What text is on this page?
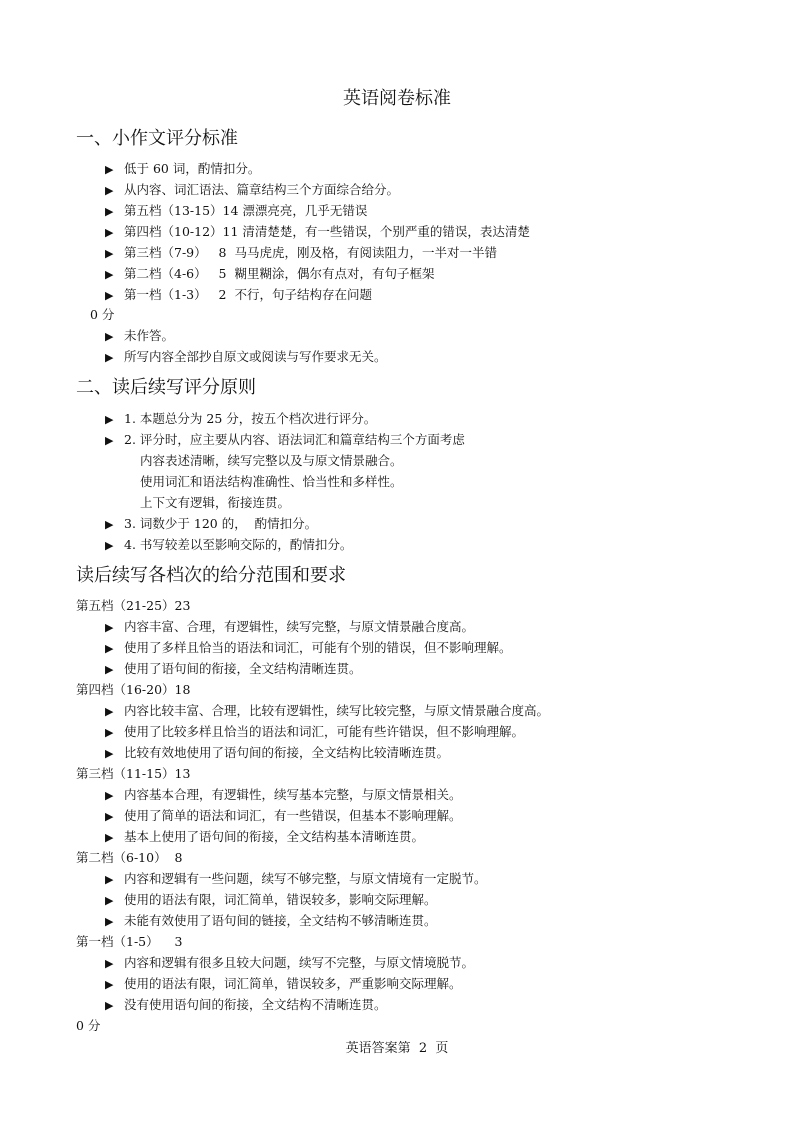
英语阅卷标准
一、小作文评分标准
▶ 低于 60 词，酌情扣分。
▶ 从内容、词汇语法、篇章结构三个方面综合给分。
▶ 第五档（13-15）14 漂漂亮亮，几乎无错误
▶ 第四档（10-12）11 清清楚楚，有一些错误，个别严重的错误，表达清楚
▶ 第三档（7-9）   8  马马虎虎，刚及格，有阅读阻力，一半对一半错
▶ 第二档（4-6）   5  糊里糊涂，偶尔有点对，有句子框架
▶ 第一档（1-3）   2  不行，句子结构存在问题
0 分
▶ 未作答。
▶ 所写内容全部抄自原文或阅读与写作要求无关。
二、读后续写评分原则
▶ 1. 本题总分为 25 分，按五个档次进行评分。
▶ 2. 评分时，应主要从内容、语法词汇和篇章结构三个方面考虑
内容表述清晰，续写完整以及与原文情景融合。
使用词汇和语法结构准确性、恰当性和多样性。
上下文有逻辑，衔接连贯。
▶ 3. 词数少于 120 的，  酌情扣分。
▶ 4. 书写较差以至影响交际的，酌情扣分。
读后续写各档次的给分范围和要求
第五档（21-25）23
▶ 内容丰富、合理，有逻辑性，续写完整，与原文情景融合度高。
▶ 使用了多样且恰当的语法和词汇，可能有个别的错误，但不影响理解。
▶ 使用了语句间的衔接，全文结构清晰连贯。
第四档（16-20）18
▶ 内容比较丰富、合理，比较有逻辑性，续写比较完整，与原文情景融合度高。
▶ 使用了比较多样且恰当的语法和词汇，可能有些许错误，但不影响理解。
▶ 比较有效地使用了语句间的衔接，全文结构比较清晰连贯。
第三档（11-15）13
▶ 内容基本合理，有逻辑性，续写基本完整，与原文情景相关。
▶ 使用了简单的语法和词汇，有一些错误，但基本不影响理解。
▶ 基本上使用了语句间的衔接，全文结构基本清晰连贯。
第二档（6-10）  8
▶ 内容和逻辑有一些问题，续写不够完整，与原文情境有一定脱节。
▶ 使用的语法有限，词汇简单，错误较多，影响交际理解。
▶ 未能有效使用了语句间的链接，全文结构不够清晰连贯。
第一档（1-5）    3
▶ 内容和逻辑有很多且较大问题，续写不完整，与原文情境脱节。
▶ 使用的语法有限，词汇简单，错误较多，严重影响交际理解。
▶ 没有使用语句间的衔接，全文结构不清晰连贯。
0 分
英语答案第  2  页
